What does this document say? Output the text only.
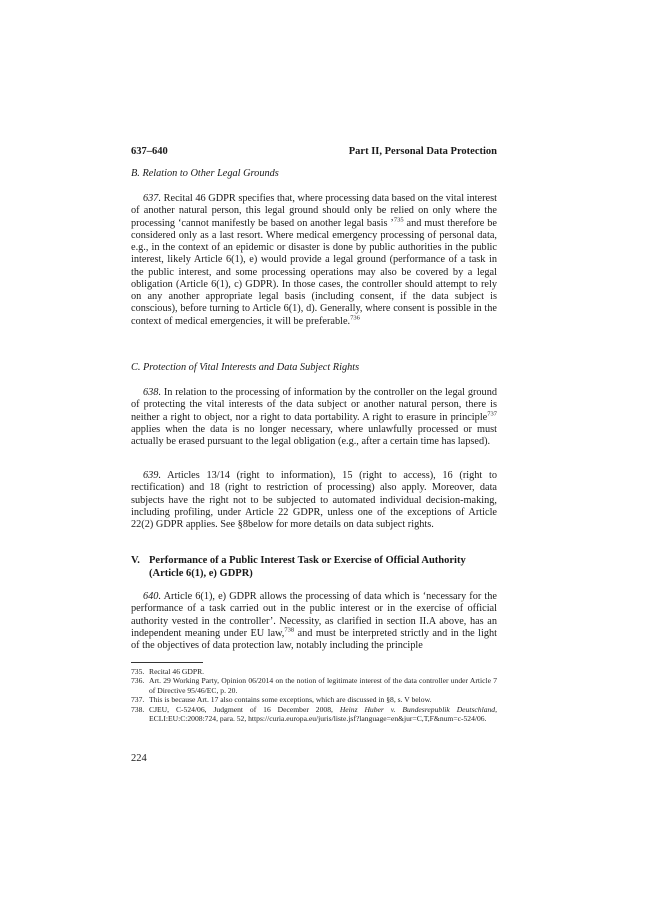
637–640	Part II, Personal Data Protection
B. Relation to Other Legal Grounds

637. Recital 46 GDPR specifies that, where processing data based on the vital interest of another natural person, this legal ground should only be relied on only where the processing ‘cannot manifestly be based on another legal basis ’$^{735}$ and must therefore be considered only as a last resort. Where medical emergency processing of personal data, e.g., in the context of an epidemic or disaster is done by public authorities in the public interest, likely Article 6(1), e) would provide a legal ground (performance of a task in the public interest, and some processing operations may also be covered by a legal obligation (Article 6(1), c) GDPR). In those cases, the controller should attempt to rely on any another appropriate legal basis (including consent, if the data subject is conscious), before turning to Article 6(1), d). Generally, where consent is possible in the context of medical emergencies, it will be preferable.$^{736}$

C. Protection of Vital Interests and Data Subject Rights

638. In relation to the processing of information by the controller on the legal ground of protecting the vital interests of the data subject or another natural person, there is neither a right to object, nor a right to data portability. A right to erasure in principle$^{737}$ applies when the data is no longer necessary, where unlawfully processed or must actually be erased pursuant to the legal obligation (e.g., after a certain time has lapsed).

639. Articles 13/14 (right to information), 15 (right to access), 16 (right to rectification) and 18 (right to restriction of processing) also apply. Moreover, data subjects have the right not to be subjected to automated individual decision-making, including profiling, under Article 22 GDPR, unless one of the exceptions of Article 22(2) GDPR applies. See §8below for more details on data subject rights.

V. Performance of a Public Interest Task or Exercise of Official Authority
(Article 6(1), e) GDPR)

640. Article 6(1), e) GDPR allows the processing of data which is ‘necessary for the performance of a task carried out in the public interest or in the exercise of official authority vested in the controller’. Necessity, as clarified in section II.A above, has an independent meaning under EU law,$^{738}$ and must be interpreted strictly and in the light of the objectives of data protection law, notably including the principle

735. Recital 46 GDPR.
736. Art. 29 Working Party, Opinion 06/2014 on the notion of legitimate interest of the data controller under Article 7 of Directive 95/46/EC, p. 20.
737. This is because Art. 17 also contains some exceptions, which are discussed in §8, s. V below.
738. CJEU, C-524/06, Judgment of 16 December 2008, Heinz Huber v. Bundesrepublik Deutschland, ECLI:EU:C:2008:724, para. 52, https://curia.europa.eu/juris/liste.jsf?language=en&jur=C,T,F&num=c-524/06.
224
